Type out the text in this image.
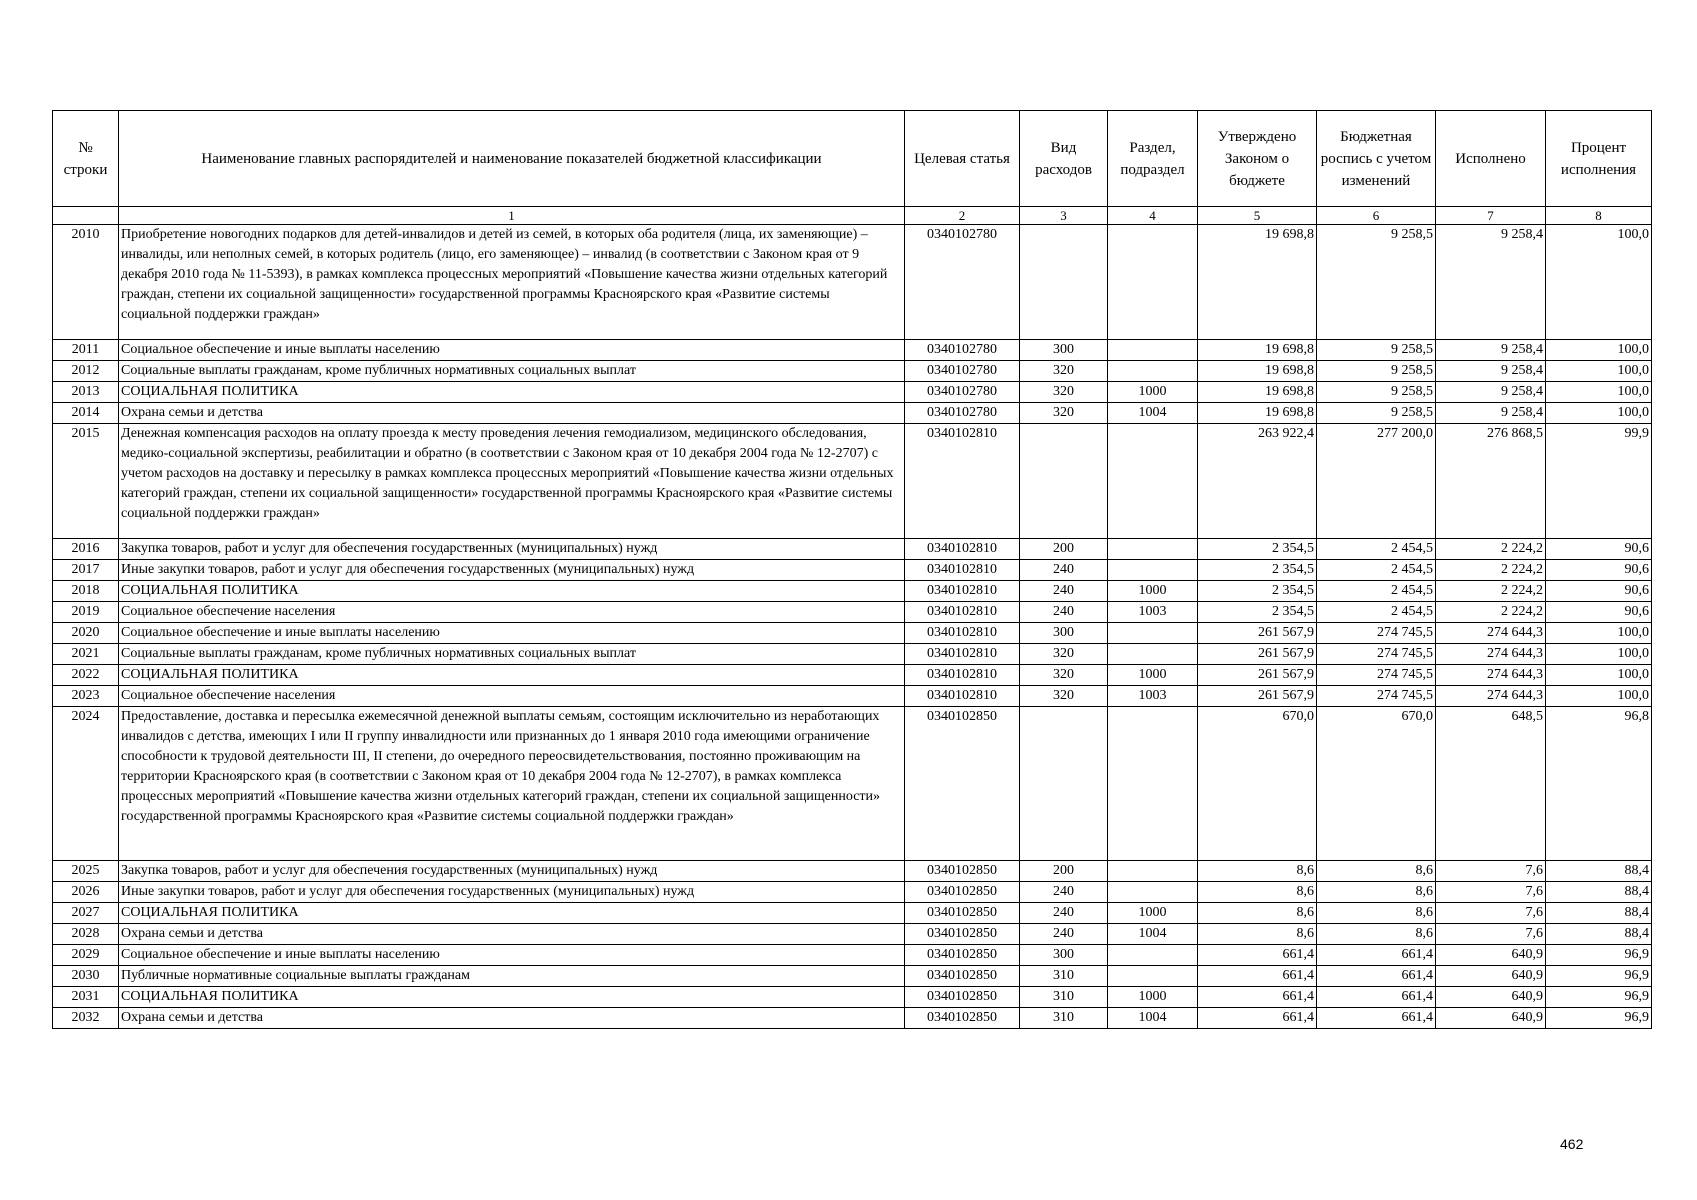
№ строки	Наименование главных распорядителей и наименование показателей бюджетной классификации	Целевая статья	Вид расходов	Раздел, подраздел	Утверждено Законом о бюджете	Бюджетная роспись с учетом изменений	Исполнено	Процент исполнения
	1	2	3	4	5	6	7	8
2010	Приобретение новогодних подарков для детей-инвалидов и детей из семей, в которых оба родителя (лица, их заменяющие) – инвалиды, или неполных семей, в которых родитель (лицо, его заменяющее) – инвалид (в соответствии с Законом края от 9 декабря 2010 года № 11-5393), в рамках комплекса процессных мероприятий «Повышение качества жизни отдельных категорий граждан, степени их социальной защищенности» государственной программы Красноярского края «Развитие системы социальной поддержки граждан»	0340102780			19 698,8	9 258,5	9 258,4	100,0
2011	Социальное обеспечение и иные выплаты населению	0340102780	300		19 698,8	9 258,5	9 258,4	100,0
2012	Социальные выплаты гражданам, кроме публичных нормативных социальных выплат	0340102780	320		19 698,8	9 258,5	9 258,4	100,0
2013	СОЦИАЛЬНАЯ ПОЛИТИКА	0340102780	320	1000	19 698,8	9 258,5	9 258,4	100,0
2014	Охрана семьи и детства	0340102780	320	1004	19 698,8	9 258,5	9 258,4	100,0
2015	Денежная компенсация расходов на оплату проезда к месту проведения лечения гемодиализом, медицинского обследования, медико-социальной экспертизы, реабилитации и обратно (в соответствии с Законом края от 10 декабря 2004 года № 12-2707) с учетом расходов на доставку и пересылку в рамках комплекса процессных мероприятий «Повышение качества жизни отдельных категорий граждан, степени их социальной защищенности» государственной программы Красноярского края «Развитие системы социальной поддержки граждан»	0340102810			263 922,4	277 200,0	276 868,5	99,9
2016	Закупка товаров, работ и услуг для обеспечения государственных (муниципальных) нужд	0340102810	200		2 354,5	2 454,5	2 224,2	90,6
2017	Иные закупки товаров, работ и услуг для обеспечения государственных (муниципальных) нужд	0340102810	240		2 354,5	2 454,5	2 224,2	90,6
2018	СОЦИАЛЬНАЯ ПОЛИТИКА	0340102810	240	1000	2 354,5	2 454,5	2 224,2	90,6
2019	Социальное обеспечение населения	0340102810	240	1003	2 354,5	2 454,5	2 224,2	90,6
2020	Социальное обеспечение и иные выплаты населению	0340102810	300		261 567,9	274 745,5	274 644,3	100,0
2021	Социальные выплаты гражданам, кроме публичных нормативных социальных выплат	0340102810	320		261 567,9	274 745,5	274 644,3	100,0
2022	СОЦИАЛЬНАЯ ПОЛИТИКА	0340102810	320	1000	261 567,9	274 745,5	274 644,3	100,0
2023	Социальное обеспечение населения	0340102810	320	1003	261 567,9	274 745,5	274 644,3	100,0
2024	Предоставление, доставка и пересылка ежемесячной денежной выплаты семьям, состоящим исключительно из неработающих инвалидов с детства, имеющих I или II группу инвалидности или признанных до 1 января 2010 года имеющими ограничение способности к трудовой деятельности III, II степени, до очередного переосвидетельствования, постоянно проживающим на территории Красноярского края (в соответствии с Законом края от 10 декабря 2004 года № 12-2707), в рамках комплекса процессных мероприятий «Повышение качества жизни отдельных категорий граждан, степени их социальной защищенности» государственной программы Красноярского края «Развитие системы социальной поддержки граждан»	0340102850			670,0	670,0	648,5	96,8
2025	Закупка товаров, работ и услуг для обеспечения государственных (муниципальных) нужд	0340102850	200		8,6	8,6	7,6	88,4
2026	Иные закупки товаров, работ и услуг для обеспечения государственных (муниципальных) нужд	0340102850	240		8,6	8,6	7,6	88,4
2027	СОЦИАЛЬНАЯ ПОЛИТИКА	0340102850	240	1000	8,6	8,6	7,6	88,4
2028	Охрана семьи и детства	0340102850	240	1004	8,6	8,6	7,6	88,4
2029	Социальное обеспечение и иные выплаты населению	0340102850	300		661,4	661,4	640,9	96,9
2030	Публичные нормативные социальные выплаты гражданам	0340102850	310		661,4	661,4	640,9	96,9
2031	СОЦИАЛЬНАЯ ПОЛИТИКА	0340102850	310	1000	661,4	661,4	640,9	96,9
2032	Охрана семьи и детства	0340102850	310	1004	661,4	661,4	640,9	96,9
462
